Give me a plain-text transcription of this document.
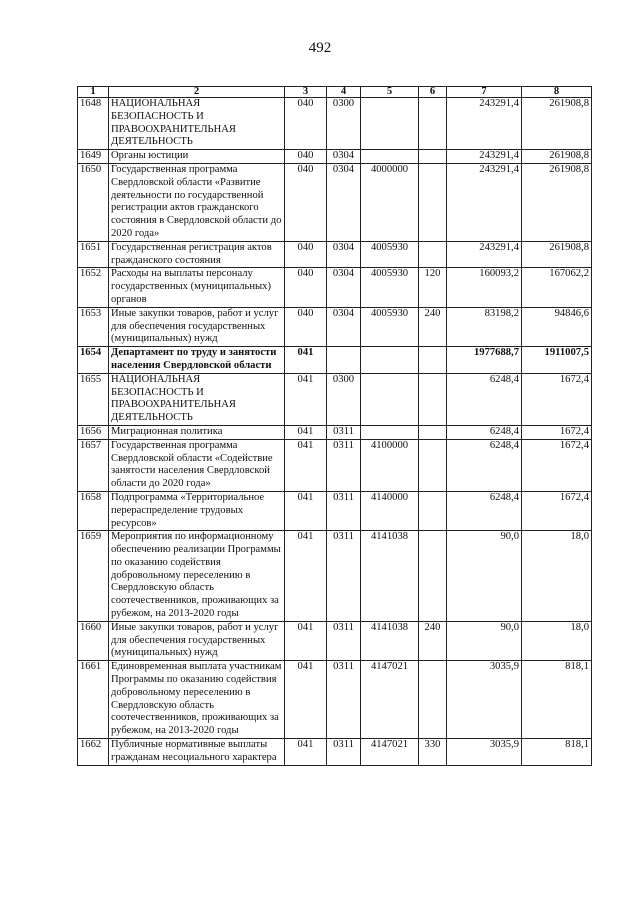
492
1	2	3	4	5	6	7	8
1648	НАЦИОНАЛЬНАЯ БЕЗОПАСНОСТЬ И ПРАВООХРАНИТЕЛЬНАЯ ДЕЯТЕЛЬНОСТЬ	040	0300			243291,4	261908,8
1649	Органы юстиции	040	0304			243291,4	261908,8
1650	Государственная программа Свердловской области «Развитие деятельности по государственной регистрации актов гражданского состояния в Свердловской области до 2020 года»	040	0304	4000000		243291,4	261908,8
1651	Государственная регистрация актов гражданского состояния	040	0304	4005930		243291,4	261908,8
1652	Расходы на выплаты персоналу государственных (муниципальных) органов	040	0304	4005930	120	160093,2	167062,2
1653	Иные закупки товаров, работ и услуг для обеспечения государственных (муниципальных) нужд	040	0304	4005930	240	83198,2	94846,6
1654	Департамент по труду и занятости населения Свердловской области	041				1977688,7	1911007,5
1655	НАЦИОНАЛЬНАЯ БЕЗОПАСНОСТЬ И ПРАВООХРАНИТЕЛЬНАЯ ДЕЯТЕЛЬНОСТЬ	041	0300			6248,4	1672,4
1656	Миграционная политика	041	0311			6248,4	1672,4
1657	Государственная программа Свердловской области «Содействие занятости населения Свердловской области до 2020 года»	041	0311	4100000		6248,4	1672,4
1658	Подпрограмма «Территориальное перераспределение трудовых ресурсов»	041	0311	4140000		6248,4	1672,4
1659	Мероприятия по информационному обеспечению реализации Программы по оказанию содействия добровольному переселению в Свердловскую область соотечественников, проживающих за рубежом, на 2013-2020 годы	041	0311	4141038		90,0	18,0
1660	Иные закупки товаров, работ и услуг для обеспечения государственных (муниципальных) нужд	041	0311	4141038	240	90,0	18,0
1661	Единовременная выплата участникам Программы по оказанию содействия добровольному переселению в Свердловскую область соотечественников, проживающих за рубежом, на 2013-2020 годы	041	0311	4147021		3035,9	818,1
1662	Публичные нормативные выплаты гражданам несоциального характера	041	0311	4147021	330	3035,9	818,1
